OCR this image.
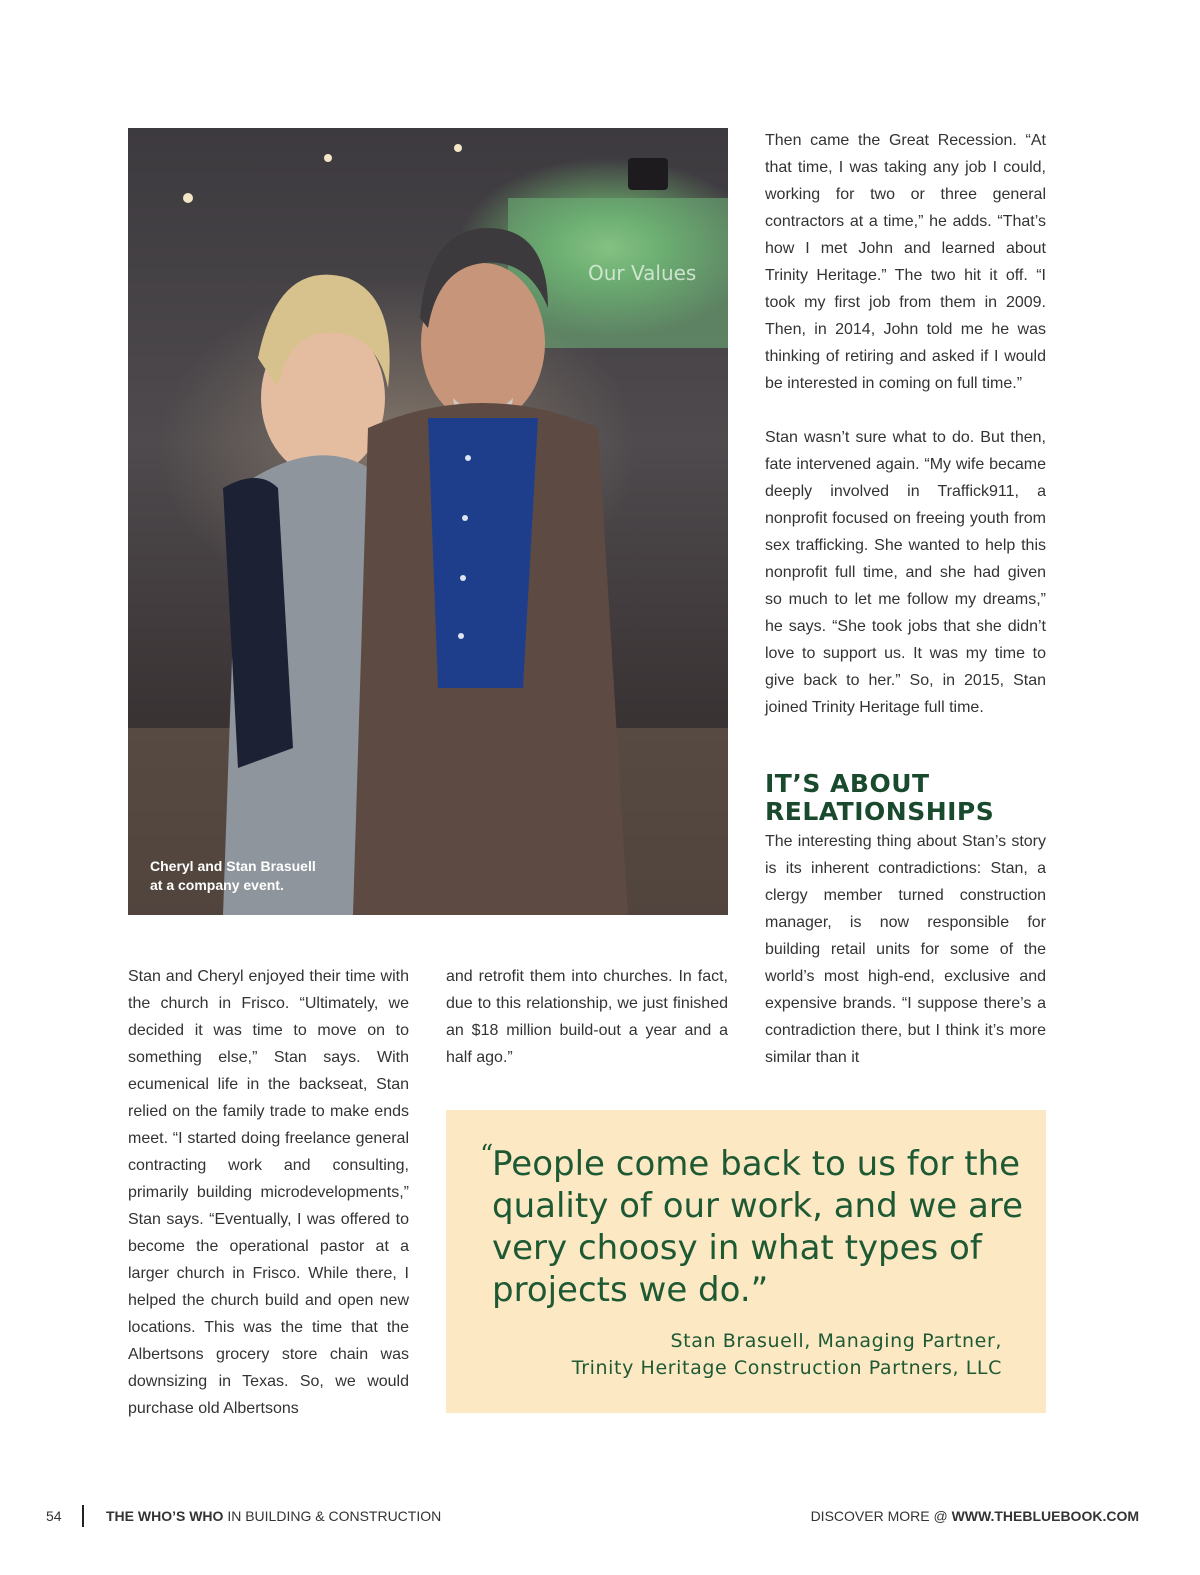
Our Values
Cheryl and Stan Brasuell
at a company event.

Stan and Cheryl enjoyed their time with the church in Frisco. “Ultimately, we decided it was time to move on to something else,” Stan says. With ecumenical life in the backseat, Stan relied on the family trade to make ends meet. “I started doing freelance general contracting work and consulting, primarily building microdevelopments,” Stan says. “Eventually, I was offered to become the operational pastor at a larger church in Frisco. While there, I helped the church build and open new locations. This was the time that the Albertsons grocery store chain was downsizing in Texas. So, we would purchase old Albertsons

and retrofit them into churches. In fact, due to this relationship, we just finished an $18 million build-out a year and a half ago.”

Then came the Great Recession. “At that time, I was taking any job I could, working for two or three general contractors at a time,” he adds. “That’s how I met John and learned about Trinity Heritage.” The two hit it off. “I took my first job from them in 2009. Then, in 2014, John told me he was thinking of retiring and asked if I would be interested in coming on full time.”

Stan wasn’t sure what to do. But then, fate intervened again. “My wife became deeply involved in Traffick911, a nonprofit focused on freeing youth from sex trafficking. She wanted to help this nonprofit full time, and she had given so much to let me follow my dreams,” he says. “She took jobs that she didn’t love to support us. It was my time to give back to her.” So, in 2015, Stan joined Trinity Heritage full time.

IT’S ABOUT
RELATIONSHIPS

The interesting thing about Stan’s story is its inherent contradictions: Stan, a clergy member turned construction manager, is now responsible for building retail units for some of the world’s most high-end, exclusive and expensive brands. “I suppose there’s a contradiction there, but I think it’s more similar than it

“
People come back to us for the
quality of our work, and we are
very choosy in what types of
projects we do.”
Stan Brasuell, Managing Partner,
Trinity Heritage Construction Partners, LLC
54	THE WHO’S WHO IN BUILDING & CONSTRUCTION	DISCOVER MORE @ WWW.THEBLUEBOOK.COM
